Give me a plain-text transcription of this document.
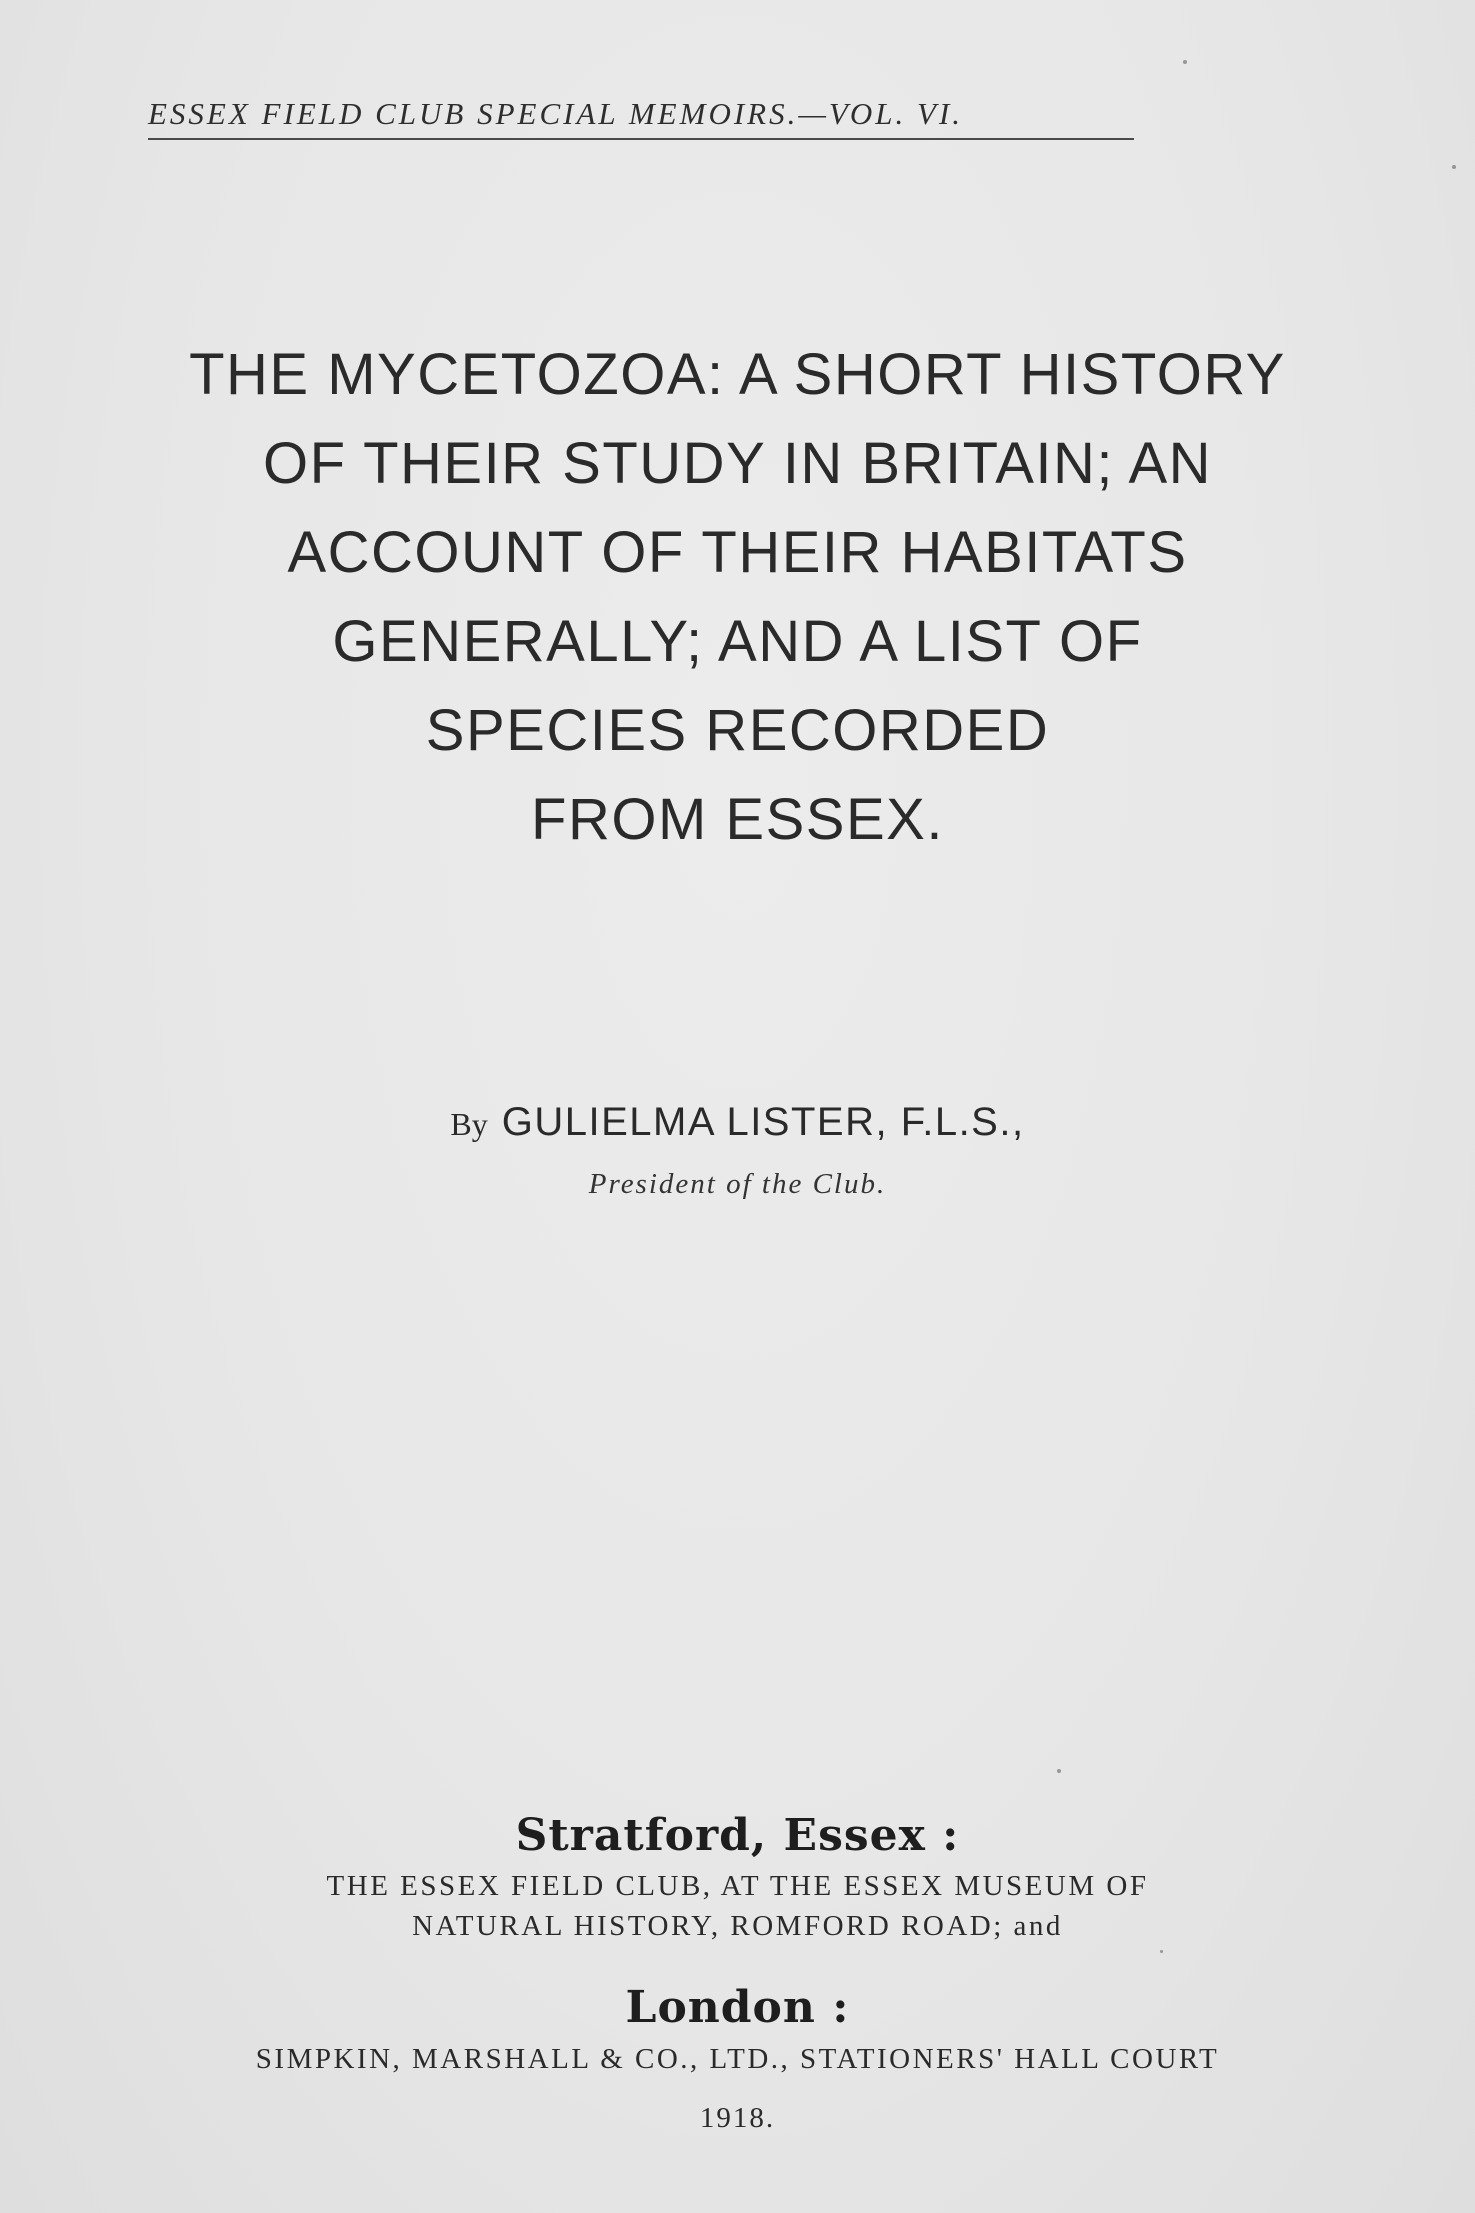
ESSEX FIELD CLUB SPECIAL MEMOIRS.—VOL. VI.
THE MYCETOZOA: A SHORT HISTORY
OF THEIR STUDY IN BRITAIN; AN
ACCOUNT OF THEIR HABITATS
GENERALLY; AND A LIST OF
SPECIES RECORDED
FROM ESSEX.
By GULIELMA LISTER, F.L.S.,
President of the Club.
Stratford, Essex :
THE ESSEX FIELD CLUB, AT THE ESSEX MUSEUM OF
NATURAL HISTORY, ROMFORD ROAD; and
London :
SIMPKIN, MARSHALL & CO., LTD., STATIONERS' HALL COURT
1918.
